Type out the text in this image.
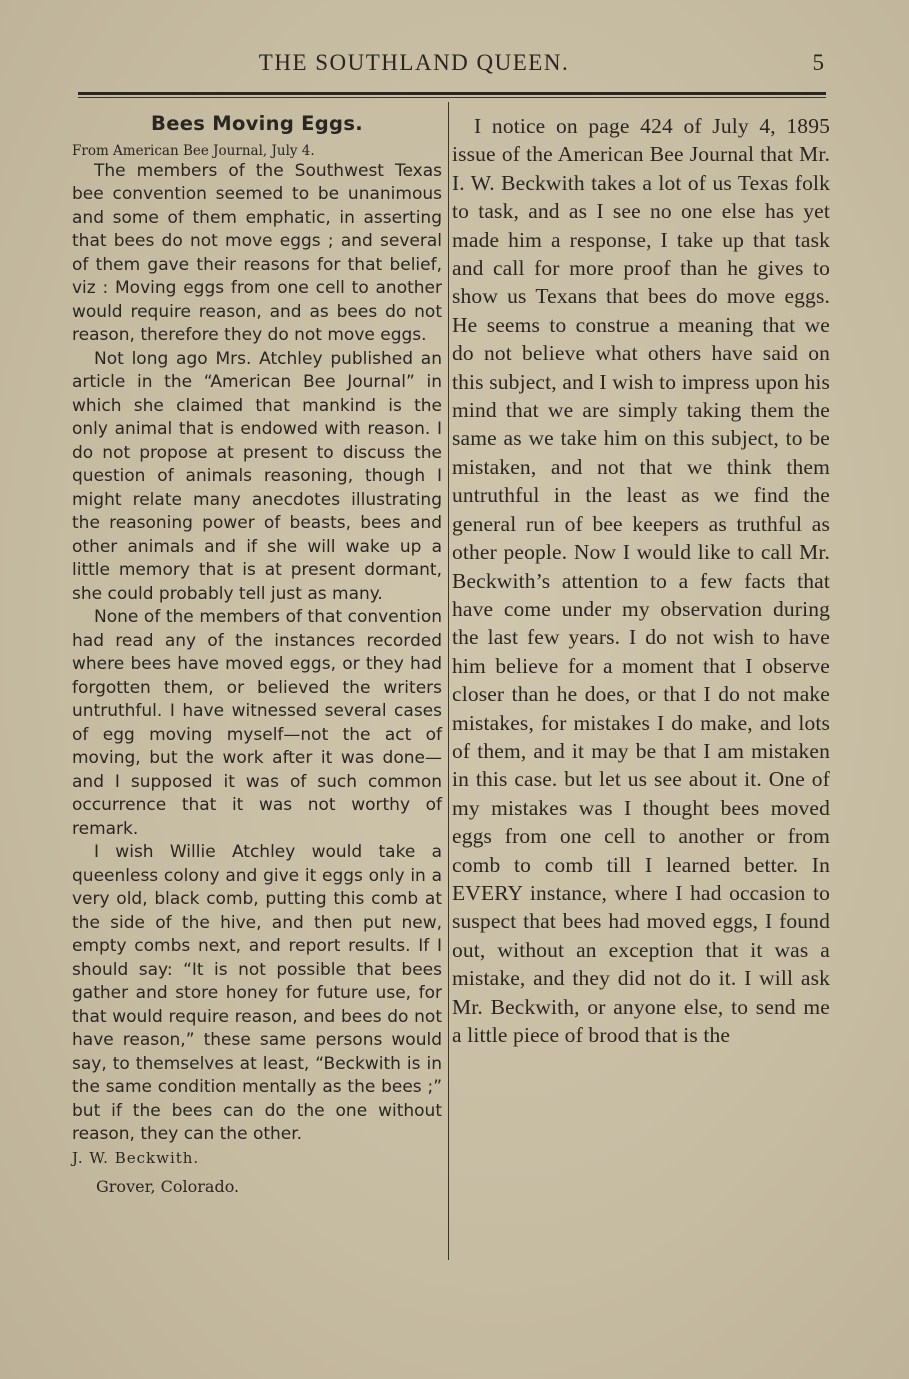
THE SOUTHLAND QUEEN.	5
Bees Moving Eggs.

From American Bee Journal, July 4.

The members of the Southwest Texas bee convention seemed to be unanimous and some of them emphatic, in asserting that bees do not move eggs ; and several of them gave their reasons for that belief, viz : Moving eggs from one cell to another would require reason, and as bees do not reason, therefore they do not move eggs.

Not long ago Mrs. Atchley published an article in the “American Bee Journal” in which she claimed that mankind is the only animal that is endowed with reason. I do not propose at present to discuss the question of animals reasoning, though I might relate many anecdotes illustrating the reasoning power of beasts, bees and other animals and if she will wake up a little memory that is at present dormant, she could probably tell just as many.

None of the members of that convention had read any of the instances recorded where bees have moved eggs, or they had forgotten them, or believed the writers untruthful. I have witnessed several cases of egg moving myself—not the act of moving, but the work after it was done—and I supposed it was of such common occurrence that it was not worthy of remark.

I wish Willie Atchley would take a queenless colony and give it eggs only in a very old, black comb, putting this comb at the side of the hive, and then put new, empty combs next, and report results. If I should say: “It is not possible that bees gather and store honey for future use, for that would require reason, and bees do not have reason,” these same persons would say, to themselves at least, “Beckwith is in the same condition mentally as the bees ;” but if the bees can do the one without reason, they can the other.

J. W. Beckwith.

Grover, Colorado.

I notice on page 424 of July 4, 1895 issue of the American Bee Journal that Mr. I. W. Beckwith takes a lot of us Texas folk to task, and as I see no one else has yet made him a response, I take up that task and call for more proof than he gives to show us Texans that bees do move eggs. He seems to construe a meaning that we do not believe what others have said on this subject, and I wish to impress upon his mind that we are simply taking them the same as we take him on this subject, to be mistaken, and not that we think them untruthful in the least as we find the general run of bee keepers as truthful as other people. Now I would like to call Mr. Beckwith’s attention to a few facts that have come under my observation during the last few years. I do not wish to have him believe for a moment that I observe closer than he does, or that I do not make mistakes, for mistakes I do make, and lots of them, and it may be that I am mistaken in this case. but let us see about it. One of my mistakes was I thought bees moved eggs from one cell to another or from comb to comb till I learned better. In EVERY instance, where I had occasion to suspect that bees had moved eggs, I found out, without an exception that it was a mistake, and they did not do it. I will ask Mr. Beckwith, or anyone else, to send me a little piece of brood that is the
